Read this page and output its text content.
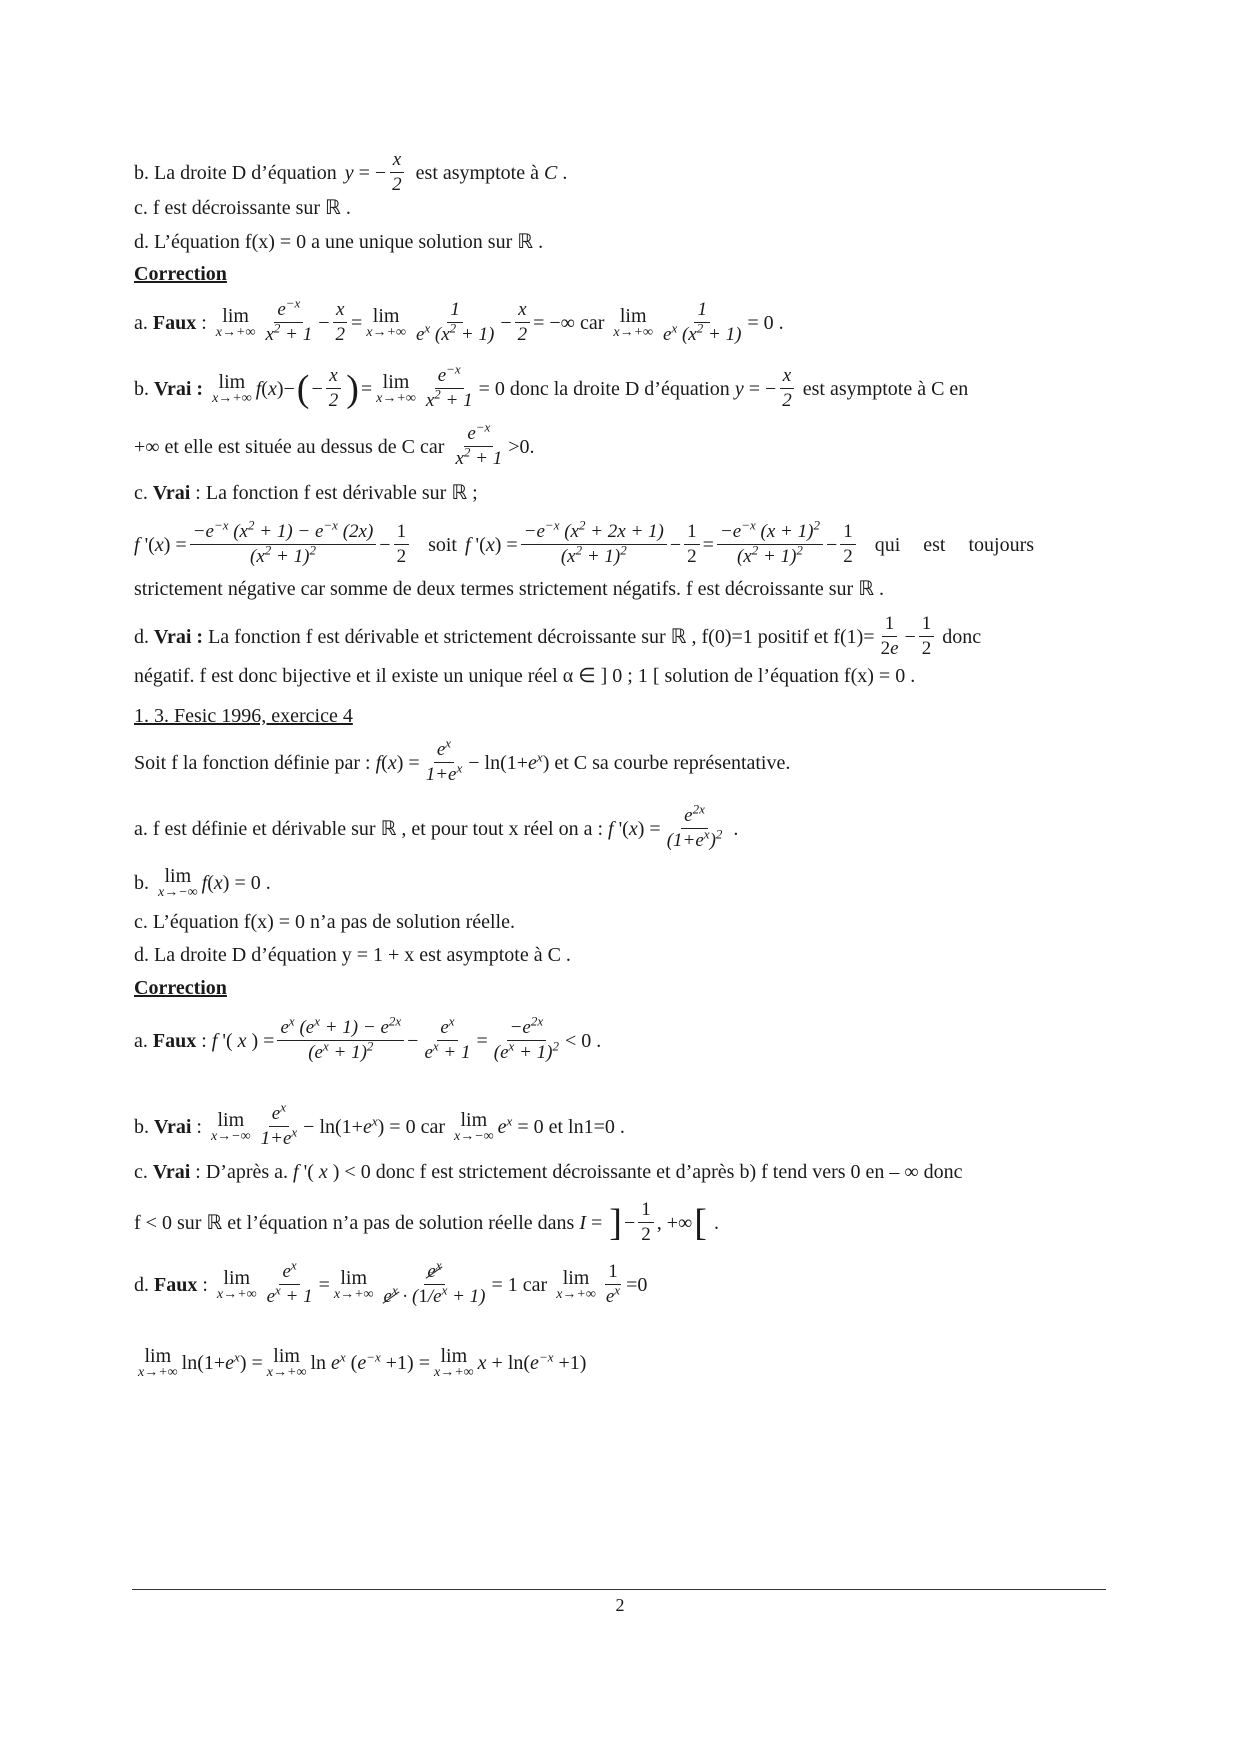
b. La droite D d’équation y = − $\frac{x}{2}$ est asymptote à
C .
c. f est décroissante sur ℝ .
d. L’équation f(x) = 0 a une unique solution sur ℝ .
Correction
a.
Faux : lim
$x\to+\infty \frac{e^{-x}}{x^2 + 1} - \frac{x}{2} = \lim$
$x\to+\infty \frac{1}{e^x (x^2 + 1)} - \frac{x}{2}$ = −∞ car
lim
$x\to+\infty \frac{1}{e^x (x^2 + 1)} = 0$ .
b.
Vrai :
lim
x→+∞ f ( x )− ( − $\frac{x}{2}$ ) = lim
$x\to+\infty \frac{e^{-x}}{x^2 + 1} = 0$ donc la droite D d’équation
y = − $\frac{x}{2}$
est asymptote à C en
+∞ et elle est située au dessus de C car
$\frac{e^{-x}}{x^2 + 1} >0$.
c.
Vrai
: La fonction f est dérivable sur ℝ ;
f '( x ) = $\frac{-e^{-x} (x^2 + 1) - e^{-x} (2x)}{(x^2 + 1)^2} - \frac{1}{2}$ soit f '( x ) = $\frac{-e^{-x} (x^2 + 2x + 1)}{(x^2 + 1)^2} - \frac{1}{2} = \frac{-e^{-x} (x + 1)^2}{(x^2 + 1)^2} - \frac{1}{2}$ qui est toujours
strictement négative car somme de deux termes strictement négatifs. f est décroissante sur ℝ .
d.
Vrai :
La fonction f est dérivable et strictement décroissante sur ℝ , f(0)=1 positif et $f(1)= \frac{1}{2e} - \frac{1}{2}$
donc
négatif. f est donc bijective et il existe un unique réel α ∈ ] 0 ; 1 [ solution de l’équation f(x) = 0 .
1. 3. Fesic 1996, exercice 4
Soit f la fonction définie par :
f ( x ) = $\frac{e^x}{1+e^x} - \ln(1+ e^x$ ) et C sa courbe représentative.
a. f est définie et dérivable sur ℝ , et pour tout x réel on a :
f '( x ) = $\frac{e^{2x}}{(1+e^x)^2}$ .
b.
lim
x→−∞ f ( x ) = 0 .
c. L’équation f(x) = 0 n’a pas de solution réelle.
d. La droite D d’équation y = 1 + x est asymptote à C .
Correction
a.
Faux : f '( x ) = $\frac{e^x (e^x + 1) - e^{2x}}{(e^x + 1)^2} - \frac{e^x}{e^x + 1} = \frac{-e^{2x}}{(e^x + 1)^2} < 0$ .
b.
Vrai : lim
$x\to-\infty \frac{e^x}{1+e^x} - \ln(1+ e^x$ ) = 0 car
lim
x→−∞ $e^x = 0$ et ln1=0 .
c.
Vrai
: D’après a.
f '( x ) < 0 donc f est strictement décroissante et d’après b) f tend vers 0 en – ∞ donc
f < 0 sur ℝ et l’équation n’a pas de solution réelle dans
I = ] − $\frac{1}{2}$ , +∞ [ .
d.
Faux : lim
$x\to+\infty \frac{e^x}{e^x + 1} = \lim$
$x\to+\infty \frac{e^x}{e^x \cdot (1/e^x + 1)} = 1$ car
lim
$x\to+\infty \frac{1}{e^x} =0$
lim
x→+∞ $\ln(1+ e^x$ ) = lim
x→+∞ $\ln e^x$ ( $e^{-x} +1) = \lim$
x→+∞ x + ln( $e^{-x} +1$)
2
